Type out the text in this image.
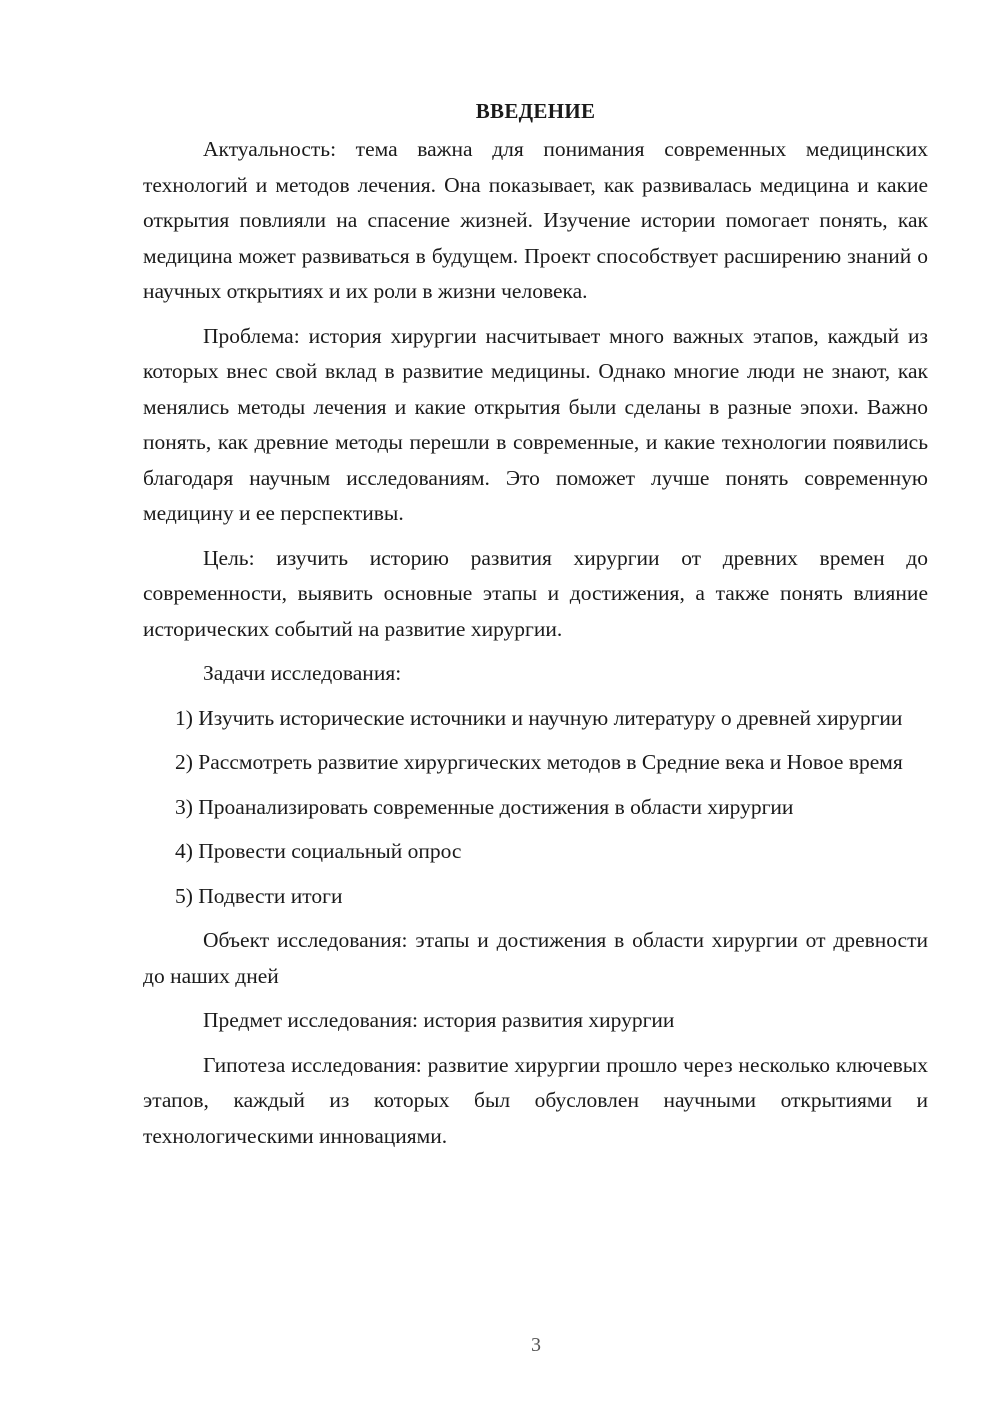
ВВЕДЕНИЕ

Актуальность: тема важна для понимания современных медицинских технологий и методов лечения. Она показывает, как развивалась медицина и какие открытия повлияли на спасение жизней. Изучение истории помогает понять, как медицина может развиваться в будущем. Проект способствует расширению знаний о научных открытиях и их роли в жизни человека.

Проблема: история хирургии насчитывает много важных этапов, каждый из которых внес свой вклад в развитие медицины. Однако многие люди не знают, как менялись методы лечения и какие открытия были сделаны в разные эпохи. Важно понять, как древние методы перешли в современные, и какие технологии появились благодаря научным исследованиям. Это поможет лучше понять современную медицину и ее перспективы.

Цель: изучить историю развития хирургии от древних времен до современности, выявить основные этапы и достижения, а также понять влияние исторических событий на развитие хирургии.

Задачи исследования:

1) Изучить исторические источники и научную литературу о древней хирургии

2) Рассмотреть развитие хирургических методов в Средние века и Новое время

3) Проанализировать современные достижения в области хирургии

4) Провести социальный опрос

5) Подвести итоги

Объект исследования: этапы и достижения в области хирургии от древности до наших дней

Предмет исследования: история развития хирургии

Гипотеза исследования: развитие хирургии прошло через несколько ключевых этапов, каждый из которых был обусловлен научными открытиями и технологическими инновациями.

3
